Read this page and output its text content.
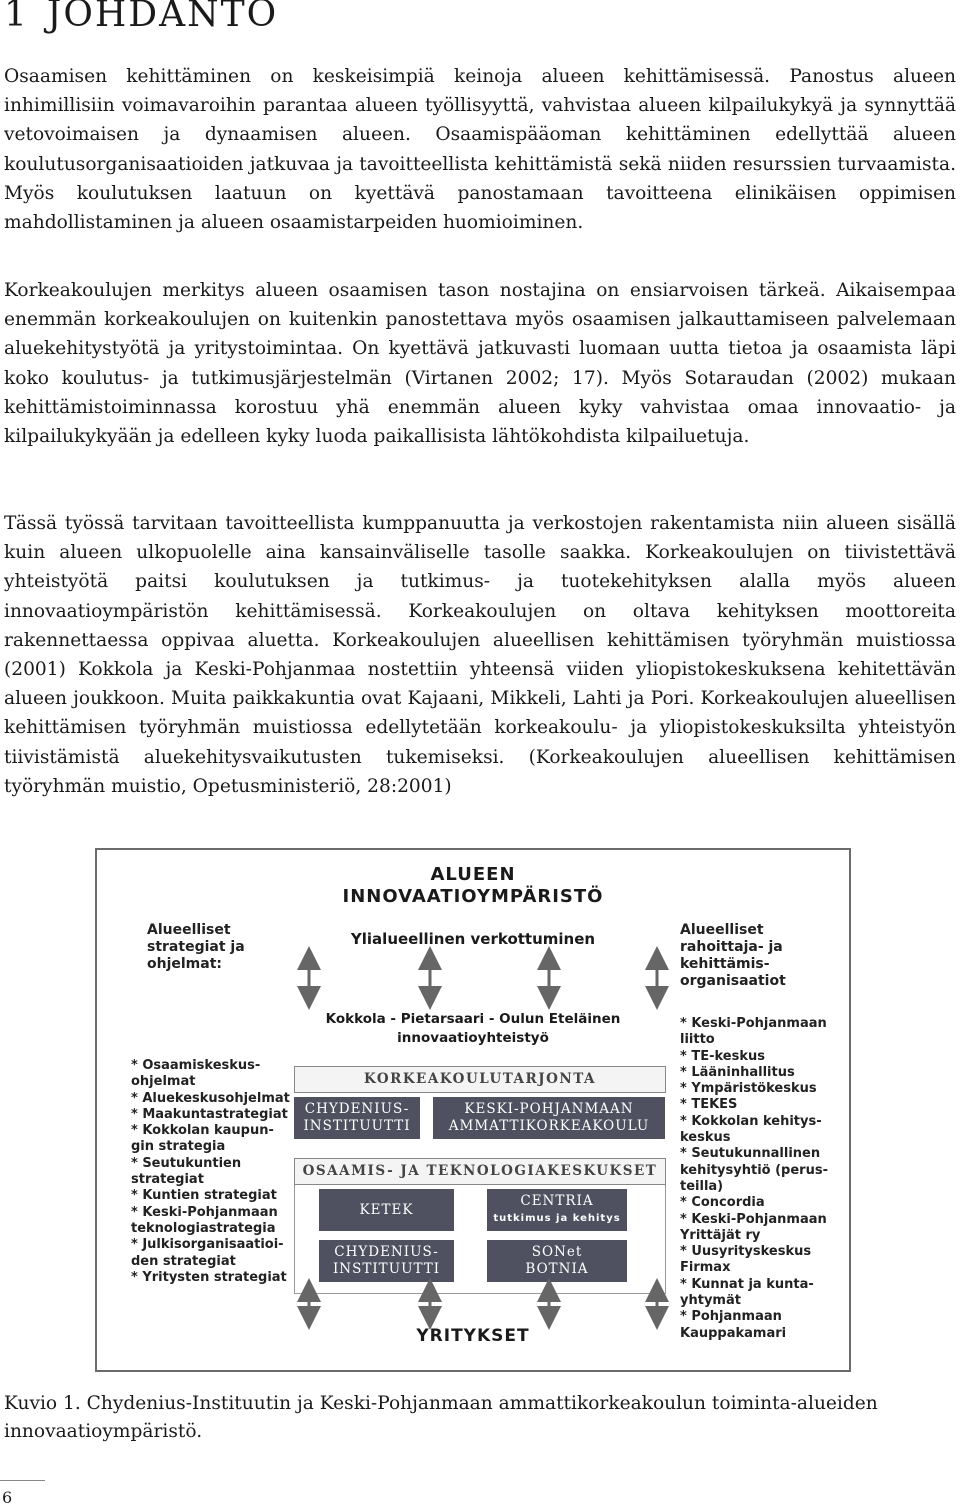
1 JOHDANTO

Osaamisen kehittäminen on keskeisimpiä keinoja alueen kehittämisessä. Panostus alueen inhimillisiin voimavaroihin parantaa alueen työllisyyttä, vahvistaa alueen kilpailukykyä ja synnyttää vetovoimaisen ja dynaamisen alueen. Osaamispääoman kehittäminen edellyttää alueen koulutusorganisaatioiden jatkuvaa ja tavoitteellista kehittämistä sekä niiden resurssien turvaamista. Myös koulutuksen laatuun on kyettävä panostamaan tavoitteena elinikäisen oppimisen mahdollistaminen ja alueen osaamistarpeiden huomioiminen.

Korkeakoulujen merkitys alueen osaamisen tason nostajina on ensiarvoisen tärkeä. Aikaisempaa enemmän korkeakoulujen on kuitenkin panostettava myös osaamisen jalkauttamiseen palvelemaan aluekehitystyötä ja yritystoimintaa. On kyettävä jatkuvasti luomaan uutta tietoa ja osaamista läpi koko koulutus- ja tutkimusjärjestelmän (Virtanen 2002; 17). Myös Sotaraudan (2002) mukaan kehittämistoiminnassa korostuu yhä enemmän alueen kyky vahvistaa omaa innovaatio- ja kilpailukykyään ja edelleen kyky luoda paikallisista lähtökohdista kilpailuetuja.

Tässä työssä tarvitaan tavoitteellista kumppanuutta ja verkostojen rakentamista niin alueen sisällä kuin alueen ulkopuolelle aina kansainväliselle tasolle saakka. Korkeakoulujen on tiivistettävä yhteistyötä paitsi koulutuksen ja tutkimus- ja tuotekehityksen alalla myös alueen innovaatioympäristön kehittämisessä. Korkeakoulujen on oltava kehityksen moottoreita rakennettaessa oppivaa aluetta. Korkeakoulujen alueellisen kehittämisen työryhmän muistiossa (2001) Kokkola ja Keski-Pohjanmaa nostettiin yhteensä viiden yliopistokeskuksena kehitettävän alueen joukkoon. Muita paikkakuntia ovat Kajaani, Mikkeli, Lahti ja Pori. Korkeakoulujen alueellisen kehittämisen työryhmän muistiossa edellytetään korkeakoulu- ja yliopistokeskuksilta yhteistyön tiivistämistä aluekehitysvaikutusten tukemiseksi. (Korkeakoulujen alueellisen kehittämisen työryhmän muistio, Opetusministeriö, 28:2001)

ALUEEN
INNOVAATIOYMPÄRISTÖ
Ylialueellinen verkottuminen
Kokkola - Pietarsaari - Oulun Eteläinen
innovaatioyhteistyö
Alueelliset
strategiat ja
ohjelmat:
* Osaamiskeskus-
ohjelmat
* Aluekeskusohjelmat
* Maakuntastrategiat
* Kokkolan kaupun-
gin strategia
* Seutukuntien
strategiat
* Kuntien strategiat
* Keski-Pohjanmaan
teknologiastrategia
* Julkisorganisaatioi-
den strategiat
* Yritysten strategiat
Alueelliset
rahoittaja- ja
kehittämis-
organisaatiot
* Keski-Pohjanmaan
liitto
* TE-keskus
* Lääninhallitus
* Ympäristökeskus
* TEKES
* Kokkolan kehitys-
keskus
* Seutukunnallinen
kehitysyhtiö (perus-
teilla)
* Concordia
* Keski-Pohjanmaan
Yrittäjät ry
* Uusyrityskeskus
Firmax
* Kunnat ja kunta-
yhtymät
* Pohjanmaan
Kauppakamari
KORKEAKOULUTARJONTA
CHYDENIUS-
INSTITUUTTI
KESKI-POHJANMAAN
AMMATTIKORKEAKOULU
OSAAMIS- JA TEKNOLOGIAKESKUKSET
KETEK
CENTRIA
tutkimus ja kehitys
CHYDENIUS-
INSTITUUTTI
SONet
BOTNIA
YRITYKSET

Kuvio 1. Chydenius-Instituutin ja Keski-Pohjanmaan ammattikorkeakoulun toiminta-alueiden innovaatioympäristö.

6
